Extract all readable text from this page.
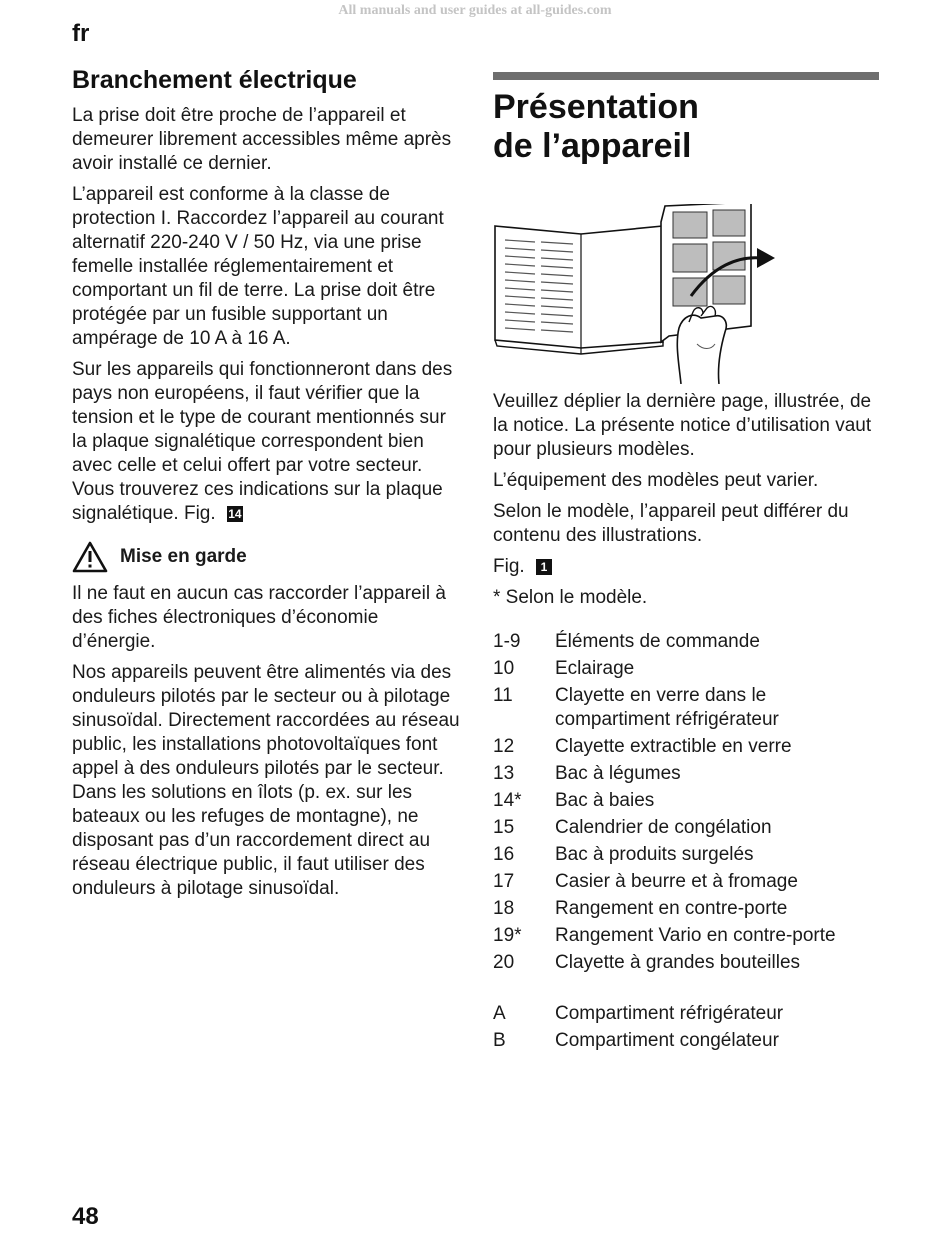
All manuals and user guides at all-guides.com
fr
Branchement électrique

La prise doit être proche de l’appareil et demeurer librement accessibles même après avoir installé ce dernier.

L’appareil est conforme à la classe de protection I. Raccordez l’appareil au courant alternatif 220-240 V / 50 Hz, via une prise femelle installée réglementairement et comportant un fil de terre. La prise doit être protégée par un fusible supportant un ampérage de 10 A à 16 A.

Sur les appareils qui fonctionneront dans des pays non européens, il faut vérifier que la tension et le type de courant mentionnés sur la plaque signalétique correspondent bien avec celle et celui offert par votre secteur. Vous trouverez ces indications sur la plaque signalétique. Fig. 14

Mise en garde

Il ne faut en aucun cas raccorder l’appareil à des fiches électroniques d’économie d’énergie.

Nos appareils peuvent être alimentés via des onduleurs pilotés par le secteur ou à pilotage sinusoïdal. Directement raccordées au réseau public, les installations photovoltaïques font appel à des onduleurs pilotés par le secteur. Dans les solutions en îlots (p. ex. sur les bateaux ou les refuges de montagne), ne disposant pas d’un raccordement direct au réseau électrique public, il faut utiliser des onduleurs à pilotage sinusoïdal.

Présentation
de l’appareil

Veuillez déplier la dernière page, illustrée, de la notice. La présente notice d’utilisation vaut pour plusieurs modèles.

L’équipement des modèles peut varier.

Selon le modèle, l’appareil peut différer du contenu des illustrations.

Fig. 1

* Selon le modèle.

1-9	Éléments de commande
10	Eclairage
11	Clayette en verre dans le compartiment réfrigérateur
12	Clayette extractible en verre
13	Bac à légumes
14*	Bac à baies
15	Calendrier de congélation
16	Bac à produits surgelés
17	Casier à beurre et à fromage
18	Rangement en contre-porte
19*	Rangement Vario en contre-porte
20	Clayette à grandes bouteilles
A	Compartiment réfrigérateur
B	Compartiment congélateur
48
